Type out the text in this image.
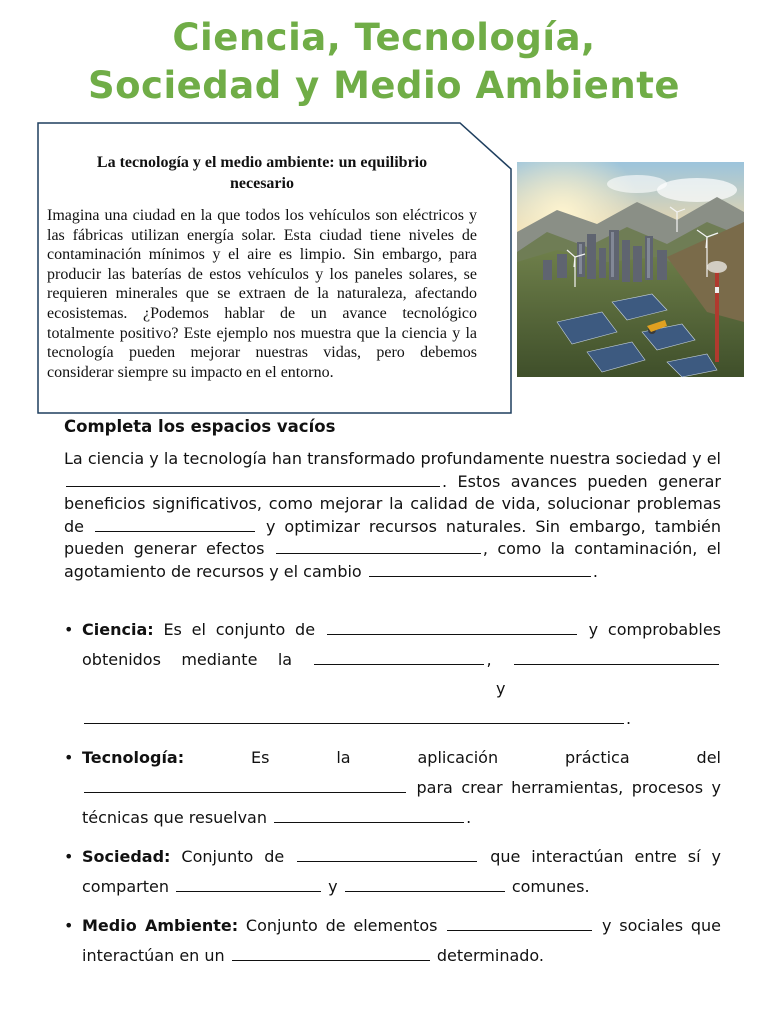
Ciencia, Tecnología,
Sociedad y Medio Ambiente
La tecnología y el medio ambiente: un equilibrio necesario
Imagina una ciudad en la que todos los vehículos son eléctricos y las fábricas utilizan energía solar. Esta ciudad tiene niveles de contaminación mínimos y el aire es limpio. Sin embargo, para producir las baterías de estos vehículos y los paneles solares, se requieren minerales que se extraen de la naturaleza, afectando ecosistemas. ¿Podemos hablar de un avance tecnológico totalmente positivo? Este ejemplo nos muestra que la ciencia y la tecnología pueden mejorar nuestras vidas, pero debemos considerar siempre su impacto en el entorno.
Completa los espacios vacíos
La ciencia y la tecnología han transformado profundamente nuestra sociedad y el . Estos avances pueden generar beneficios significativos, como mejorar la calidad de vida, solucionar problemas de	y optimizar recursos naturales. Sin embargo, también pueden generar efectos	, como la contaminación, el agotamiento de recursos y el cambio	.
• Ciencia: Es el conjunto de	y comprobables obtenidos mediante la	,  y .
• Tecnología:	Es la aplicación práctica del  para crear herramientas, procesos y técnicas que resuelvan	.
• Sociedad: Conjunto de	que interactúan entre sí y comparten	y	comunes.
• Medio Ambiente: Conjunto de elementos	y sociales que interactúan en un	determinado.
